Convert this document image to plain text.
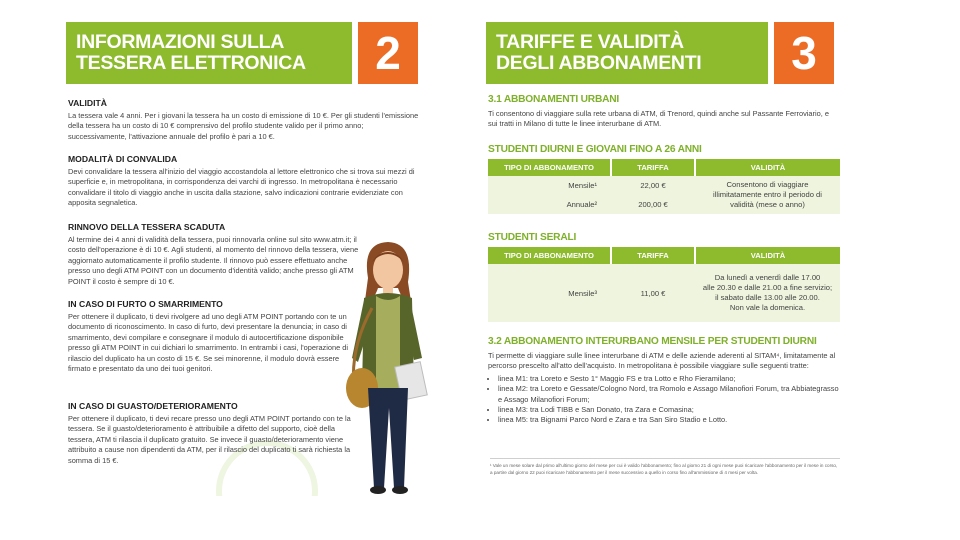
INFORMAZIONI SULLA
TESSERA ELETTRONICA	2
VALIDITÀ

La tessera vale 4 anni. Per i giovani la tessera ha un costo di emissione di 10 €. Per gli studenti l'emissione della tessera ha un costo di 10 € comprensivo del profilo studente valido per il primo anno; successivamente, l'attivazione annuale del profilo è pari a 10 €.

MODALITÀ DI CONVALIDA

Devi convalidare la tessera all'inizio del viaggio accostandola al lettore elettronico che si trova sui mezzi di superficie e, in metropolitana, in corrispondenza dei varchi di ingresso. In metropolitana è necessario convalidare il titolo di viaggio anche in uscita dalla stazione, salvo indicazioni contrarie evidenziate con apposita segnaletica.

RINNOVO DELLA TESSERA SCADUTA

Al termine dei 4 anni di validità della tessera, puoi rinnovarla online sul sito www.atm.it; il costo dell'operazione è di 10 €. Agli studenti, al momento del rinnovo della tessera, viene aggiornato automaticamente il profilo studente. Il rinnovo può essere effettuato anche presso uno degli ATM POINT con un documento d'identità valido; anche presso gli ATM POINT il costo è sempre di 10 €.

IN CASO DI FURTO O SMARRIMENTO

Per ottenere il duplicato, ti devi rivolgere ad uno degli ATM POINT portando con te un documento di riconoscimento. In caso di furto, devi presentare la denuncia; in caso di smarrimento, devi compilare e consegnare il modulo di autocertificazione disponibile presso gli ATM POINT in cui dichiari lo smarrimento. In entrambi i casi, l'operazione di rilascio del duplicato ha un costo di 15 €. Se sei minorenne, il modulo dovrà essere firmato e presentato da uno dei tuoi genitori.

IN CASO DI GUASTO/DETERIORAMENTO

Per ottenere il duplicato, ti devi recare presso uno degli ATM POINT portando con te la tessera. Se il guasto/deterioramento è attribuibile a difetto del supporto, cioè della tessera, ATM ti rilascia il duplicato gratuito. Se invece il guasto/deterioramento viene attribuito a cause non dipendenti da ATM, per il rilascio del duplicato ti sarà richiesta la somma di 15 €.

TARIFFE E VALIDITÀ
DEGLI ABBONAMENTI	3
3.1 ABBONAMENTI URBANI

Ti consentono di viaggiare sulla rete urbana di ATM, di Trenord, quindi anche sul Passante Ferroviario, e sui tratti in Milano di tutte le linee interurbane di ATM.

STUDENTI DIURNI E GIOVANI FINO A 26 ANNI
TIPO DI ABBONAMENTO	TARIFFA	VALIDITÀ
Mensile¹	22,00 €	Consentono di viaggiare illimitatamente entro il periodo di validità (mese o anno)
Annuale²	200,00 €	
STUDENTI SERALI
TIPO DI ABBONAMENTO	TARIFFA	VALIDITÀ
Mensile³	11,00 €	Da lunedì a venerdì dalle 17.00
alle 20.30 e dalle 21.00 a fine servizio;
il sabato dalle 13.00 alle 20.00.
Non vale la domenica.
3.2 ABBONAMENTO INTERURBANO MENSILE PER STUDENTI DIURNI

Ti permette di viaggiare sulle linee interurbane di ATM e delle aziende aderenti al SITAM⁴, limitatamente al percorso prescelto all'atto dell'acquisto. In metropolitana è possibile viaggiare sulle seguenti tratte:

• linea M1: tra Loreto e Sesto 1° Maggio FS e tra Lotto e Rho Fieramilano;
• linea M2: tra Loreto e Gessate/Cologno Nord, tra Romolo e Assago Milanofiori Forum, tra Abbiategrasso e Assago Milanofiori Forum;
• linea M3: tra Lodi TIBB e San Donato, tra Zara e Comasina;
• linea M5: tra Bignami Parco Nord e Zara e tra San Siro Stadio e Lotto.
¹ Vale un mese solare dal primo all'ultimo giorno del mese per cui è valido l'abbonamento; fino al giorno 21 di ogni mese puoi ricaricare l'abbonamento per il mese in corso, a partire dal giorno 22 puoi ricaricare l'abbonamento per il mese successivo a quello in corso fino all'ammissione di 4 mesi per volta.
